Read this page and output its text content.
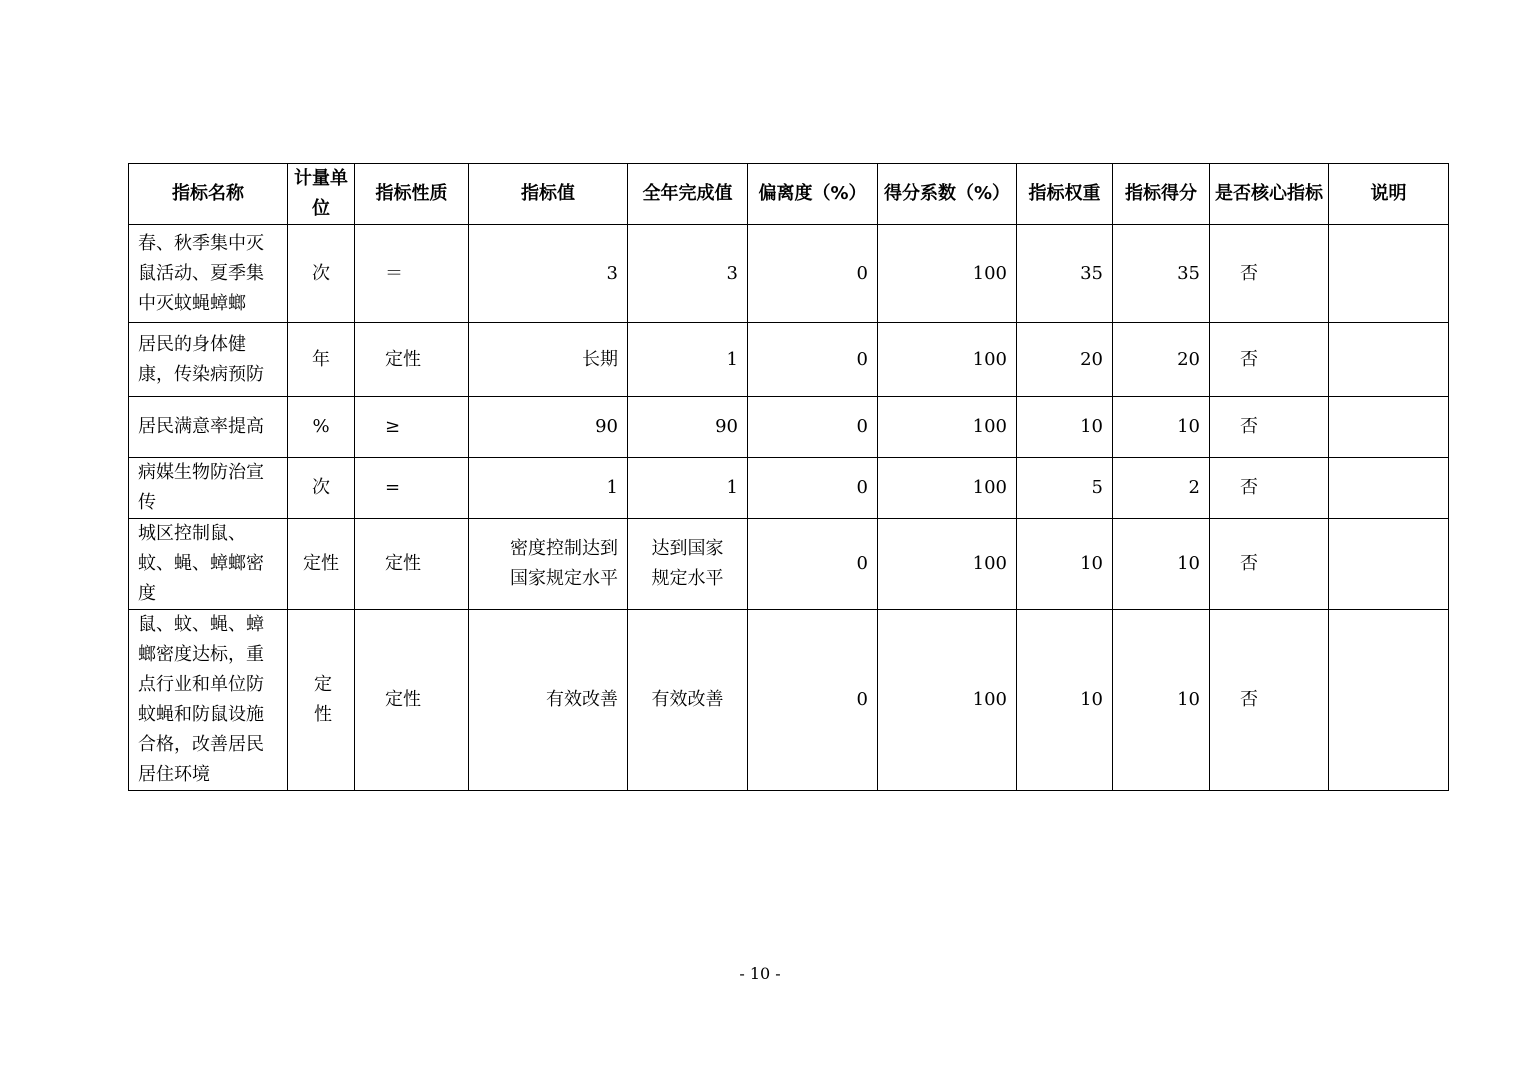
指标名称	计量单位	指标性质	指标值	全年完成值	偏离度（%）	得分系数（%）	指标权重	指标得分	是否核心指标	说明
春、秋季集中灭鼠活动、夏季集中灭蚊蝇蟑螂	次	＝	3	3	0	100	35	35	否	
居民的身体健康，传染病预防	年	定性	长期	1	0	100	20	20	否	
居民满意率提高	%	≥	90	90	0	100	10	10	否	
病媒生物防治宣传	次	=	1	1	0	100	5	2	否	
城区控制鼠、蚊、蝇、蟑螂密度	定性	定性	密度控制达到国家规定水平	达到国家规定水平	0	100	10	10	否	
鼠、蚊、蝇、蟑螂密度达标，重点行业和单位防蚊蝇和防鼠设施合格，改善居民居住环境	定性	定性	有效改善	有效改善	0	100	10	10	否	
- 10 -
